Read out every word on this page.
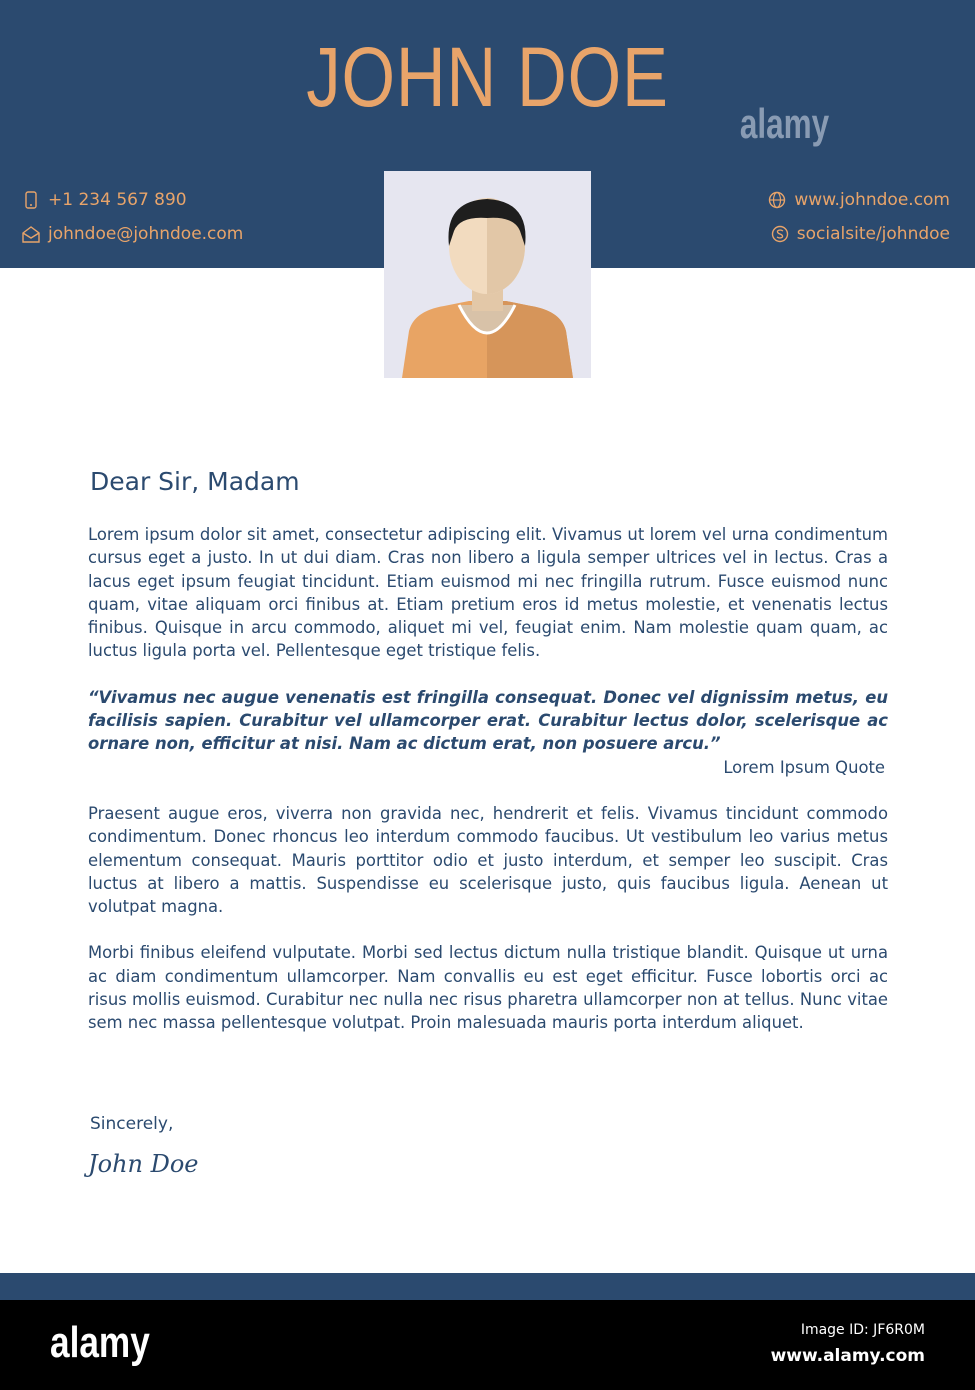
JOHN DOE
+1 234 567 890
johndoe@johndoe.com
www.johndoe.com
socialsite/johndoe
Dear Sir, Madam

Lorem ipsum dolor sit amet, consectetur adipiscing elit. Vivamus ut lorem vel urna condimentum cursus eget a justo. In ut dui diam. Cras non libero a ligula semper ultrices vel in lectus. Cras a lacus eget ipsum feugiat tincidunt. Etiam euismod mi nec fringilla rutrum. Fusce euismod nunc quam, vitae aliquam orci finibus at. Etiam pretium eros id metus molestie, et venenatis lectus finibus. Quisque in arcu commodo, aliquet mi vel, feugiat enim. Nam molestie quam quam, ac luctus ligula porta vel. Pellentesque eget tristique felis.

“Vivamus nec augue venenatis est fringilla consequat. Donec vel dignissim metus, eu facilisis sapien. Curabitur vel ullamcorper erat. Curabitur lectus dolor, scelerisque ac ornare non, efficitur at nisi. Nam ac dictum erat, non posuere arcu.”

Lorem Ipsum Quote

Praesent augue eros, viverra non gravida nec, hendrerit et felis. Vivamus tincidunt commodo condimentum. Donec rhoncus leo interdum commodo faucibus. Ut vestibulum leo varius metus elementum consequat. Mauris porttitor odio et justo interdum, et semper leo suscipit. Cras luctus at libero a mattis. Suspendisse eu scelerisque justo, quis faucibus ligula. Aenean ut volutpat magna.

Morbi finibus eleifend vulputate. Morbi sed lectus dictum nulla tristique blandit. Quisque ut urna ac diam condimentum ullamcorper. Nam convallis eu est eget efficitur. Fusce lobortis orci ac risus mollis euismod. Curabitur nec nulla nec risus pharetra ullamcorper non at tellus. Nunc vitae sem nec massa pellentesque volutpat. Proin malesuada mauris porta interdum aliquet.

Sincerely,
John Doe
alamy	Image ID: JF6R0M
www.alamy.com
alamy
